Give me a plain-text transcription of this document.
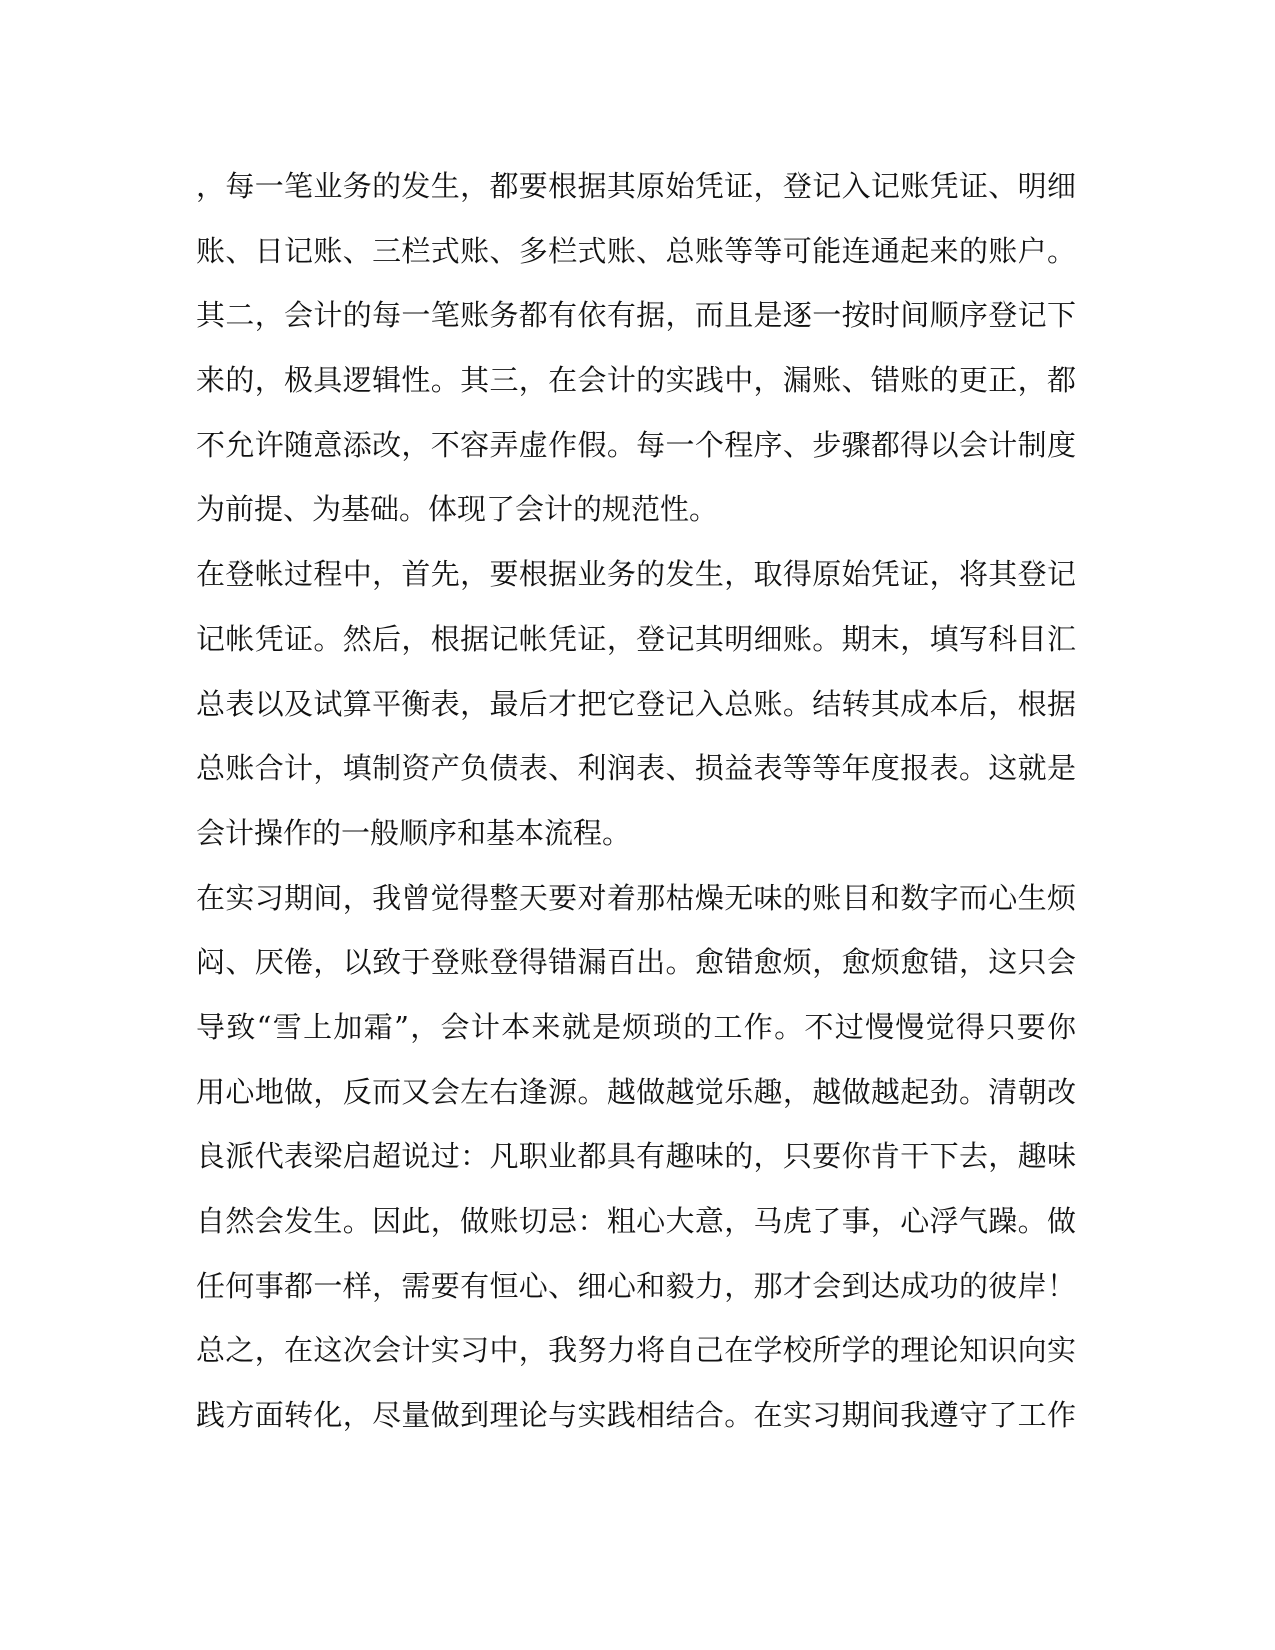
，每一笔业务的发生，都要根据其原始凭证，登记入记账凭证、明细
账、日记账、三栏式账、多栏式账、总账等等可能连通起来的账户。
其二，会计的每一笔账务都有依有据，而且是逐一按时间顺序登记下
来的，极具逻辑性。其三，在会计的实践中，漏账、错账的更正，都
不允许随意添改，不容弄虚作假。每一个程序、步骤都得以会计制度
为前提、为基础。体现了会计的规范性。
在登帐过程中，首先，要根据业务的发生，取得原始凭证，将其登记
记帐凭证。然后，根据记帐凭证，登记其明细账。期末，填写科目汇
总表以及试算平衡表，最后才把它登记入总账。结转其成本后，根据
总账合计，填制资产负债表、利润表、损益表等等年度报表。这就是
会计操作的一般顺序和基本流程。
在实习期间，我曾觉得整天要对着那枯燥无味的账目和数字而心生烦
闷、厌倦，以致于登账登得错漏百出。愈错愈烦，愈烦愈错，这只会
导致“雪上加霜”，会计本来就是烦琐的工作。不过慢慢觉得只要你
用心地做，反而又会左右逢源。越做越觉乐趣，越做越起劲。清朝改
良派代表梁启超说过：凡职业都具有趣味的，只要你肯干下去，趣味
自然会发生。因此，做账切忌：粗心大意，马虎了事，心浮气躁。做
任何事都一样，需要有恒心、细心和毅力，那才会到达成功的彼岸！
总之，在这次会计实习中，我努力将自己在学校所学的理论知识向实
践方面转化，尽量做到理论与实践相结合。在实习期间我遵守了工作
